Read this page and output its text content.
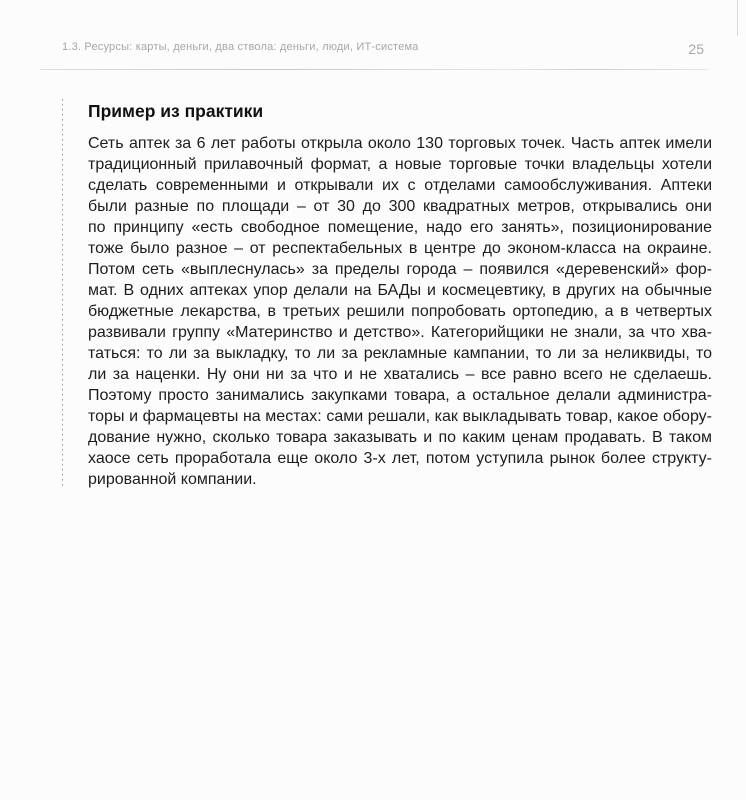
1.3. Ресурсы: карты, деньги, два ствола: деньги, люди, ИТ-система	25
Пример из практики
Сеть аптек за 6 лет работы открыла около 130 торговых точек. Часть аптек имели
традиционный прилавочный формат, а новые торговые точки владельцы хотели
сделать современными и открывали их с отделами самообслуживания. Аптеки
были разные по площади – от 30 до 300 квадратных метров, открывались они
по принципу «есть свободное помещение, надо его занять», позиционирование
тоже было разное – от респектабельных в центре до эконом-класса на окраине.
Потом сеть «выплеснулась» за пределы города – появился «деревенский» фор-
мат. В одних аптеках упор делали на БАДы и космецевтику, в других на обычные
бюджетные лекарства, в третьих решили попробовать ортопедию, а в четвертых
развивали группу «Материнство и детство». Категорийщики не знали, за что хва-
таться: то ли за выкладку, то ли за рекламные кампании, то ли за неликвиды, то
ли за наценки. Ну они ни за что и не хватались – все равно всего не сделаешь.
Поэтому просто занимались закупками товара, а остальное делали администра-
торы и фармацевты на местах: сами решали, как выкладывать товар, какое обору-
дование нужно, сколько товара заказывать и по каким ценам продавать. В таком
хаосе сеть проработала еще около 3-х лет, потом уступила рынок более структу-
рированной компании.
